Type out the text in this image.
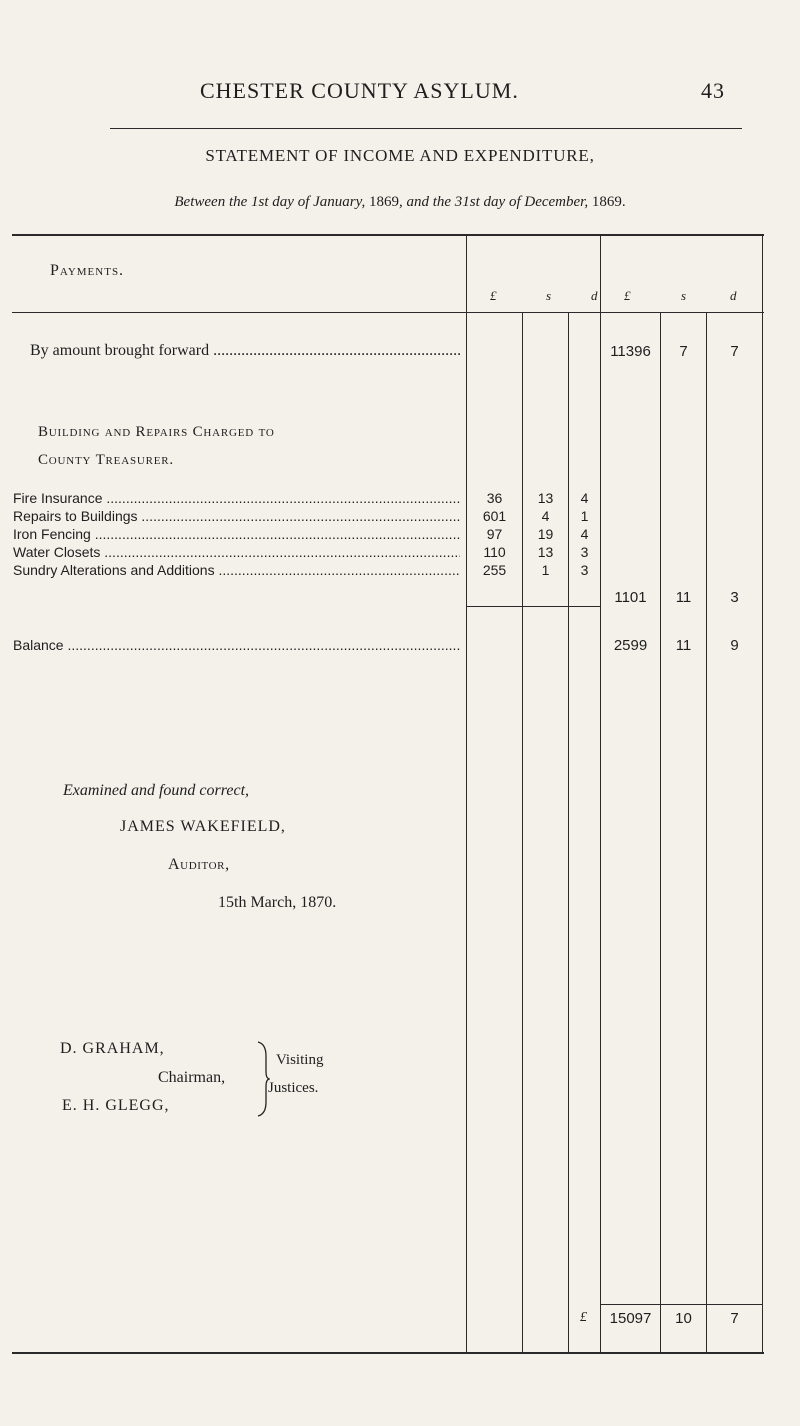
CHESTER COUNTY ASYLUM.	43
STATEMENT OF INCOME AND EXPENDITURE,
Between the 1st day of January, 1869, and the 31st day of December, 1869.
Payments.
£	s	d £	s	d
By amount brought forward .....	11396	7	7
Building and Repairs Charged to
County Treasurer.
Fire Insurance .....	36	13	4
Repairs to Buildings .....	601	4	1
Iron Fencing .....	97	19	4
Water Closets .....	110	13	3
Sundry Alterations and Additions .....	255	1	3
1101	11	3
Balance .....	2599	11	9
Examined and found correct,
JAMES WAKEFIELD,
Auditor,
15th March, 1870.
D. GRAHAM,
Chairman,
E. H. GLEGG,
Visiting
Justices.
£	15097	10	7
